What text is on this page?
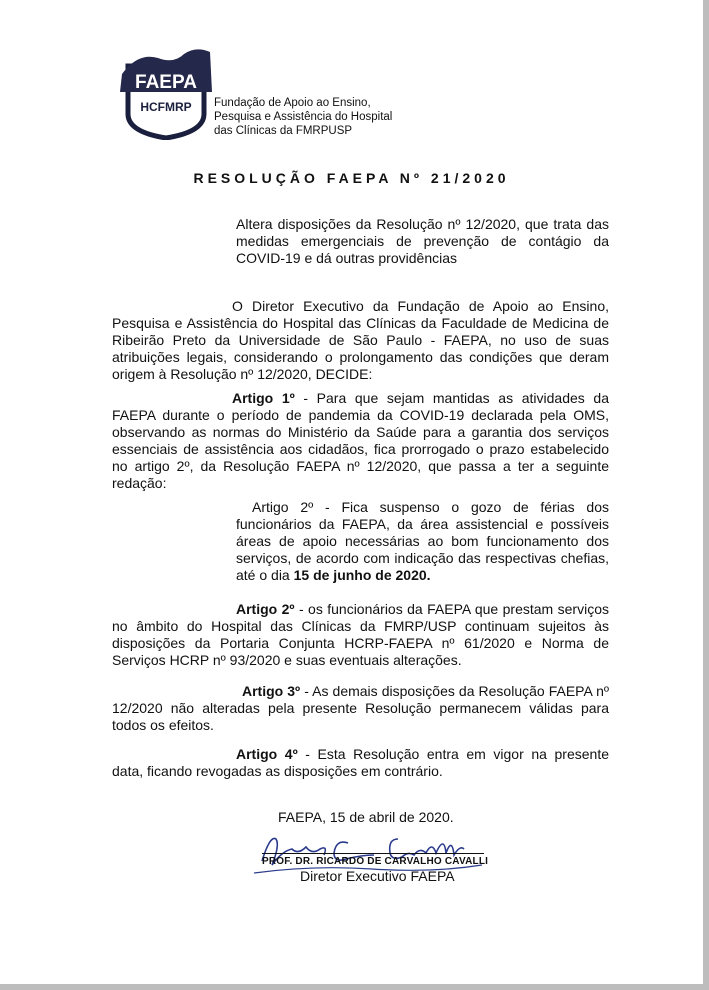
FAEPA
HCFMRP Fundação de Apoio ao Ensino,
Pesquisa e Assistência do Hospital
das Clínicas da FMRPUSP
RESOLUÇÃO FAEPA Nº 21/2020
Altera disposições da Resolução nº 12/2020, que trata das medidas emergenciais de prevenção de contágio da COVID-19 e dá outras providências
O Diretor Executivo da Fundação de Apoio ao Ensino, Pesquisa e Assistência do Hospital das Clínicas da Faculdade de Medicina de Ribeirão Preto da Universidade de São Paulo - FAEPA, no uso de suas atribuições legais, considerando o prolongamento das condições que deram origem à Resolução nº 12/2020, DECIDE:
Artigo 1º - Para que sejam mantidas as atividades da FAEPA durante o período de pandemia da COVID-19 declarada pela OMS, observando as normas do Ministério da Saúde para a garantia dos serviços essenciais de assistência aos cidadãos, fica prorrogado o prazo estabelecido no artigo 2º, da Resolução FAEPA nº 12/2020, que passa a ter a seguinte redação:
Artigo 2º - Fica suspenso o gozo de férias dos funcionários da FAEPA, da área assistencial e possíveis áreas de apoio necessárias ao bom funcionamento dos serviços, de acordo com indicação das respectivas chefias, até o dia 15 de junho de 2020.
Artigo 2º - os funcionários da FAEPA que prestam serviços no âmbito do Hospital das Clínicas da FMRP/USP continuam sujeitos às disposições da Portaria Conjunta HCRP-FAEPA nº 61/2020 e Norma de Serviços HCRP nº 93/2020 e suas eventuais alterações.
Artigo 3º - As demais disposições da Resolução FAEPA nº 12/2020 não alteradas pela presente Resolução permanecem válidas para todos os efeitos.
Artigo 4º - Esta Resolução entra em vigor na presente data, ficando revogadas as disposições em contrário.
FAEPA, 15 de abril de 2020.
PROF. DR. RICARDO DE CARVALHO CAVALLI
Diretor Executivo FAEPA
